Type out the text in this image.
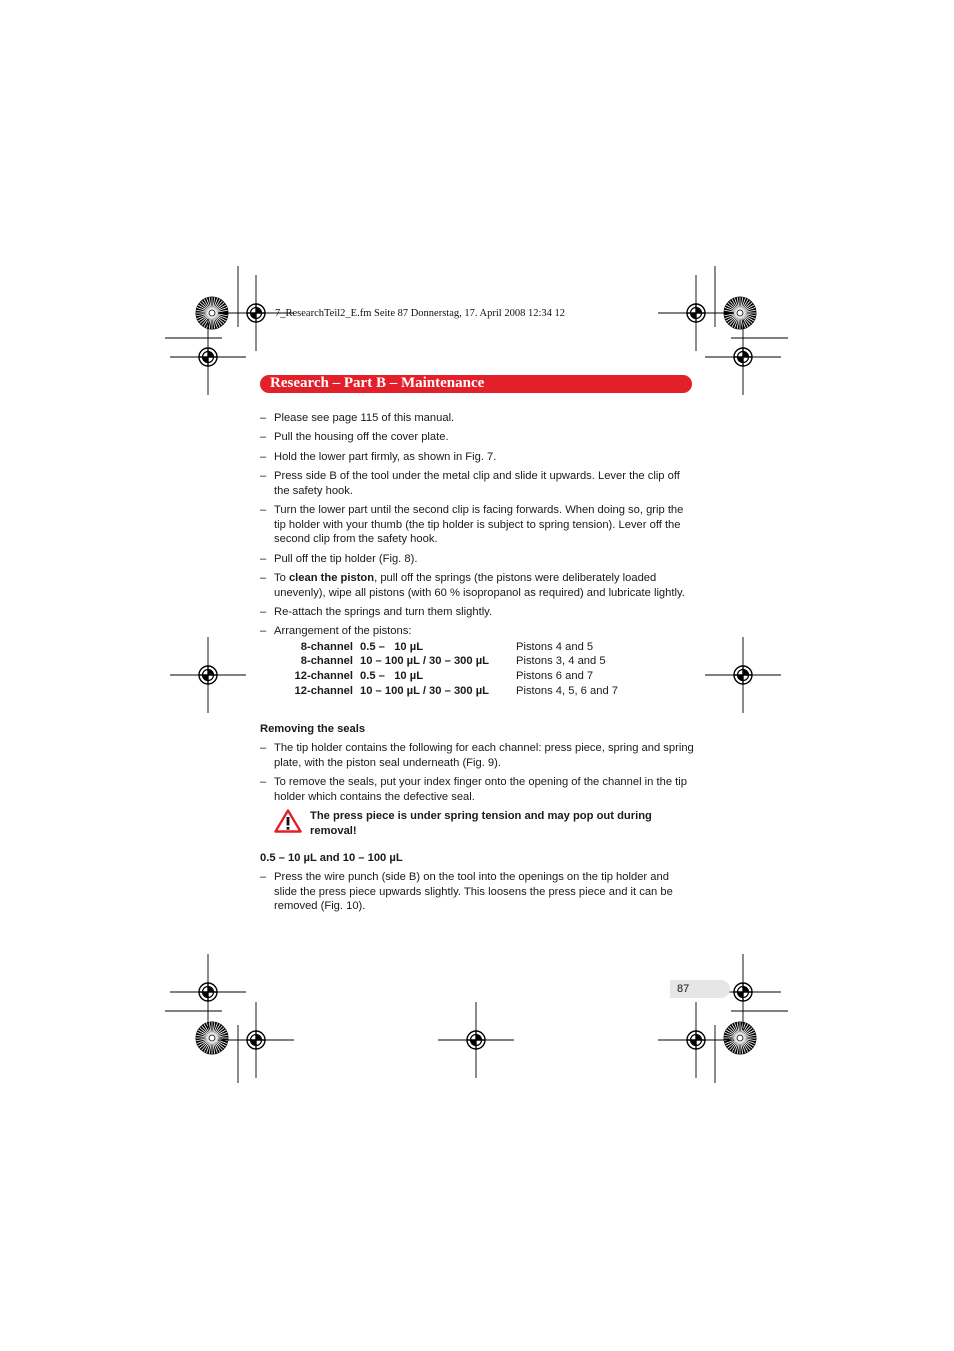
7_ResearchTeil2_E.fm Seite 87 Donnerstag, 17. April 2008 12:34 12
Research – Part B – Maintenance
– Please see page 115 of this manual.
– Pull the housing off the cover plate.
– Hold the lower part firmly, as shown in Fig. 7.
– Press side B of the tool under the metal clip and slide it upwards. Lever the clip off the safety hook.
– Turn the lower part until the second clip is facing forwards. When doing so, grip the tip holder with your thumb (the tip holder is subject to spring tension). Lever off the second clip from the safety hook.
– Pull off the tip holder (Fig. 8).
– To clean the piston, pull off the springs (the pistons were deliberately loaded unevenly), wipe all pistons (with 60 % isopropanol as required) and lubricate lightly.
– Re-attach the springs and turn them slightly.
– Arrangement of the pistons:
8-channel	0.5 –   10 µL	Pistons 4 and 5
8-channel	10 – 100 µL / 30 – 300 µL	Pistons 3, 4 and 5
12-channel	0.5 –   10 µL	Pistons 6 and 7
12-channel	10 – 100 µL / 30 – 300 µL	Pistons 4, 5, 6 and 7
Removing the seals
– The tip holder contains the following for each channel: press piece, spring and spring plate, with the piston seal underneath (Fig. 9).
– To remove the seals, put your index finger onto the opening of the channel in the tip holder which contains the defective seal.
The press piece is under spring tension and may pop out during removal!
0.5 – 10 µL and 10 – 100 µL
– Press the wire punch (side B) on the tool into the openings on the tip holder and slide the press piece upwards slightly. This loosens the press piece and it can be removed (Fig. 10).
87
